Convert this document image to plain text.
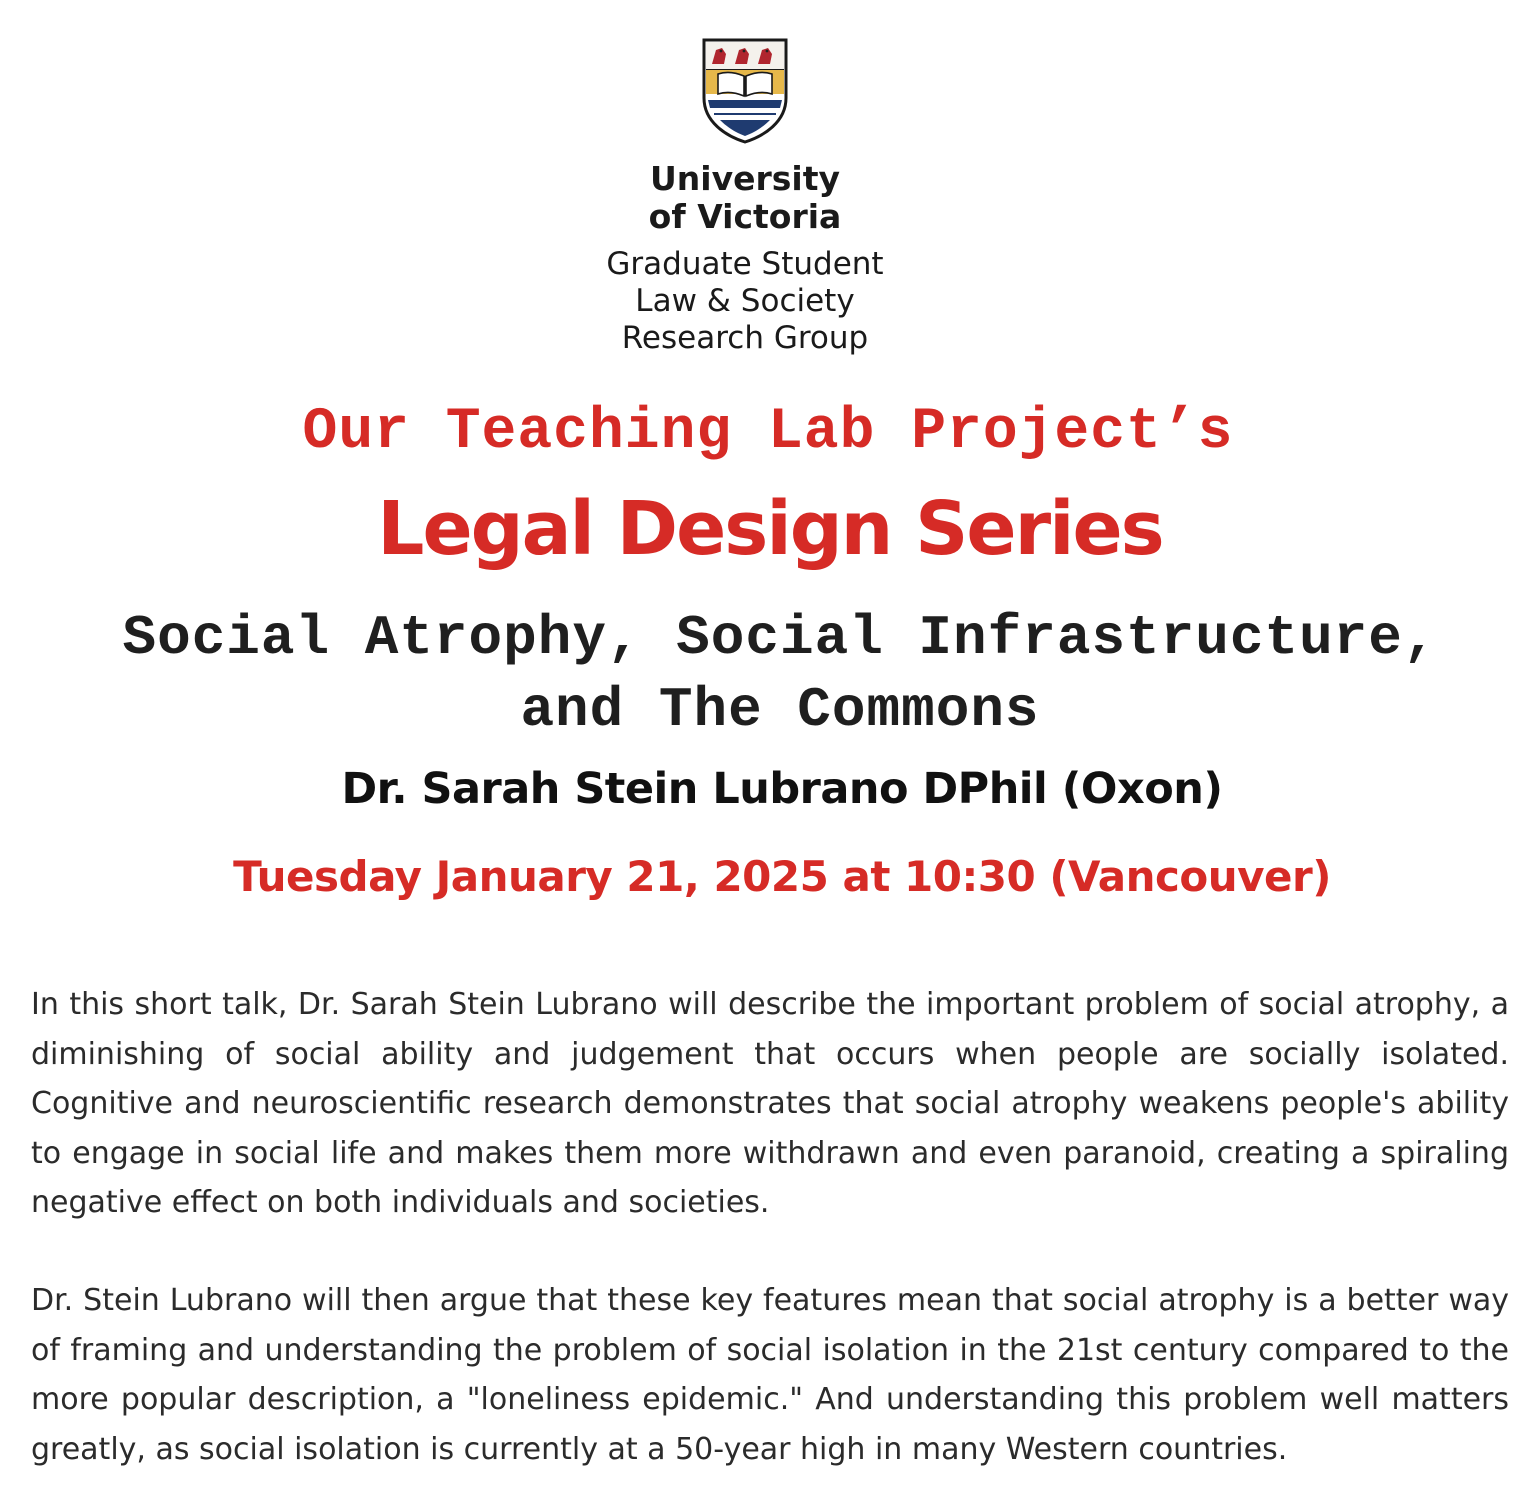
University
of Victoria
Graduate Student
Law & Society
Research Group
Our Teaching Lab Project’s
Legal Design Series
Social Atrophy, Social Infrastructure,
and The Commons
Dr. Sarah Stein Lubrano DPhil (Oxon)
Tuesday January 21, 2025 at 10:30 (Vancouver)

In this short talk, Dr. Sarah Stein Lubrano will describe the important problem of social atrophy, a diminishing of social ability and judgement that occurs when people are socially isolated. Cognitive and neuroscientific research demonstrates that social atrophy weakens people's ability to engage in social life and makes them more withdrawn and even paranoid, creating a spiraling negative effect on both individuals and societies.

Dr. Stein Lubrano will then argue that these key features mean that social atrophy is a better way of framing and understanding the problem of social isolation in the 21st century compared to the more popular description, a "loneliness epidemic." And understanding this problem well matters greatly, as social isolation is currently at a 50-year high in many Western countries.
